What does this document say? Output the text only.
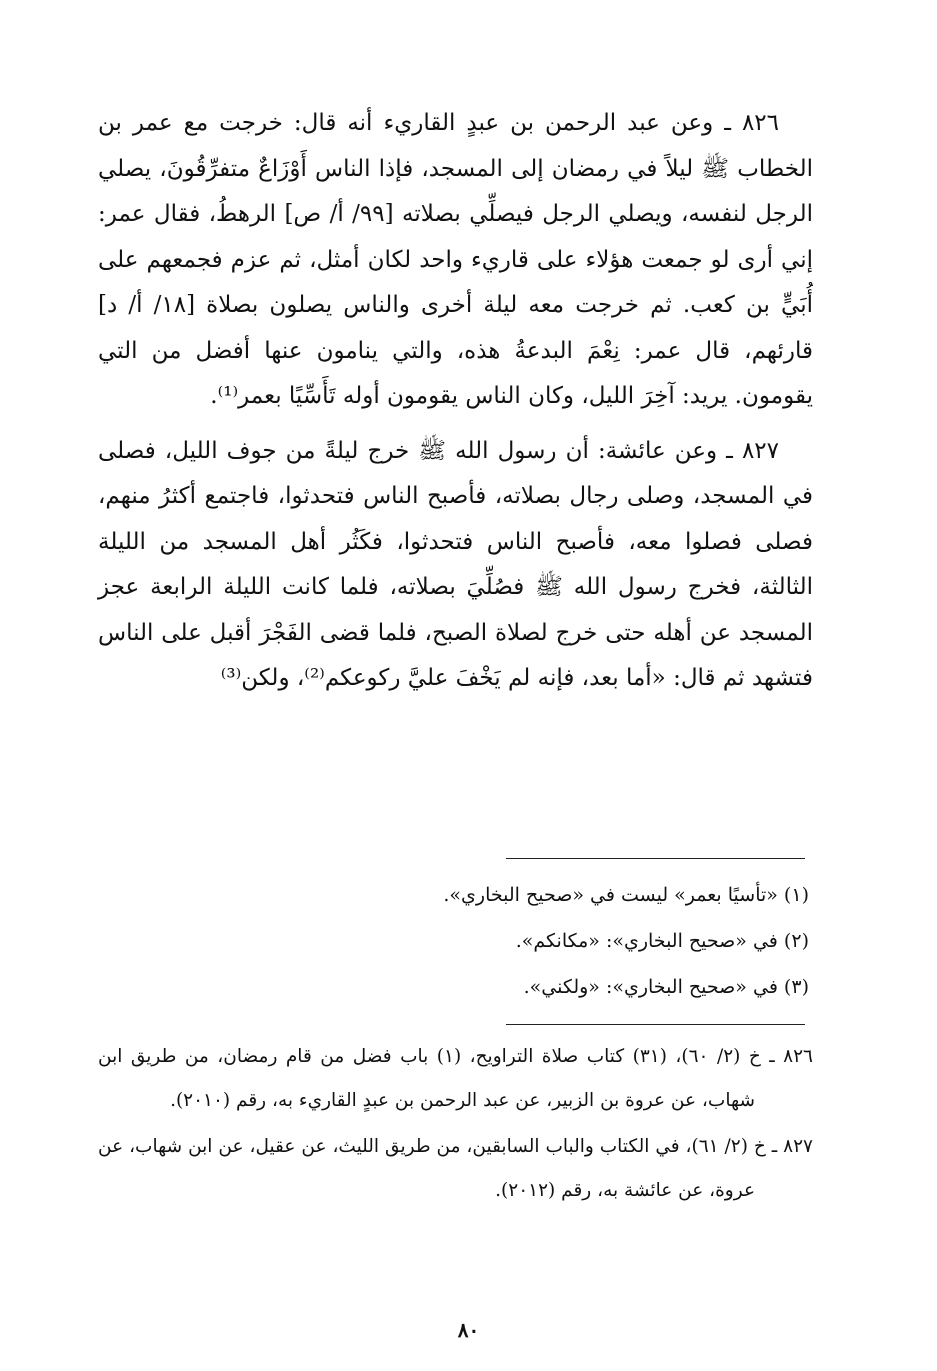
٨٢٦ ـ وعن عبد الرحمن بن عبدٍ القاريء أنه قال: خرجت مع عمر بن الخطاب ﷺ ليلاً في رمضان إلى المسجد، فإذا الناس أَوْزَاعٌ متفرِّقُونَ، يصلي الرجل لنفسه، ويصلي الرجل فيصلِّي بصلاته [٩٩/ أ/ ص] الرهطُ، فقال عمر: إني أرى لو جمعت هؤلاء على قاريء واحد لكان أمثل، ثم عزم فجمعهم على أُبَيٍّ بن كعب. ثم خرجت معه ليلة أخرى والناس يصلون بصلاة [١٨/ أ/ د] قارئهم، قال عمر: نِعْمَ البدعةُ هذه، والتي ينامون عنها أفضل من التي يقومون. يريد: آخِرَ الليل، وكان الناس يقومون أوله تَأَسِّيًا بعمر⁽¹⁾.

٨٢٧ ـ وعن عائشة: أن رسول الله ﷺ خرج ليلةً من جوف الليل، فصلى في المسجد، وصلى رجال بصلاته، فأصبح الناس فتحدثوا، فاجتمع أكثرُ منهم، فصلى فصلوا معه، فأصبح الناس فتحدثوا، فكَثُر أهل المسجد من الليلة الثالثة، فخرج رسول الله ﷺ فصُلِّيَ بصلاته، فلما كانت الليلة الرابعة عجز المسجد عن أهله حتى خرج لصلاة الصبح، فلما قضى الفَجْرَ أقبل على الناس فتشهد ثم قال: «أما بعد، فإنه لم يَخْفَ عليَّ ركوعكم⁽²⁾، ولكن⁽³⁾

(١) «تأسيًا بعمر» ليست في «صحيح البخاري».

(٢) في «صحيح البخاري»: «مكانكم».

(٣) في «صحيح البخاري»: «ولكني».

٨٢٦ ـ خ (٢/ ٦٠)، (٣١) كتاب صلاة التراويح، (١) باب فضل من قام رمضان، من طريق ابن شهاب، عن عروة بن الزبير، عن عبد الرحمن بن عبدٍ القاريء به، رقم (٢٠١٠).

٨٢٧ ـ خ (٢/ ٦١)، في الكتاب والباب السابقين، من طريق الليث، عن عقيل، عن ابن شهاب، عن عروة، عن عائشة به، رقم (٢٠١٢).

٨٠
